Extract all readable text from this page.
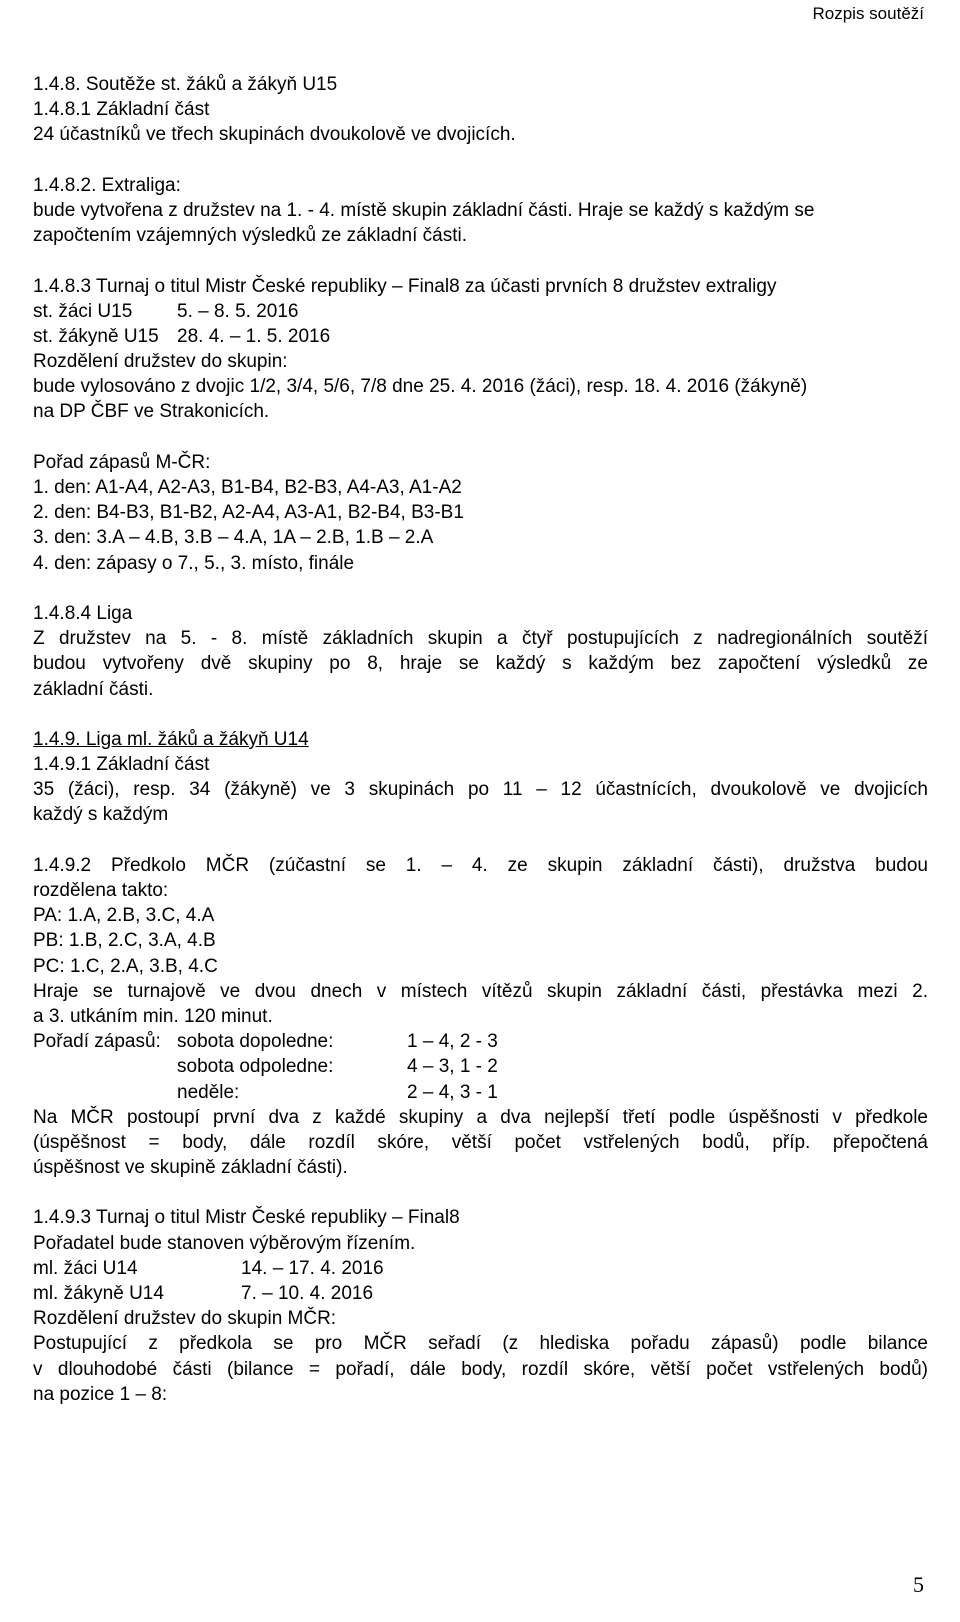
Rozpis soutěží
1.4.8. Soutěže st. žáků a žákyň U15
1.4.8.1 Základní část
24 účastníků ve třech skupinách dvoukolově ve dvojicích.
1.4.8.2. Extraliga:
bude vytvořena z družstev na 1. - 4. místě skupin základní části. Hraje se každý s každým se
započtením vzájemných výsledků ze základní části.
1.4.8.3 Turnaj o titul Mistr České republiky – Final8 za účasti prvních 8 družstev extraligy
st. žáci U15 5. – 8. 5. 2016
st. žákyně U15 28. 4. – 1. 5. 2016
Rozdělení družstev do skupin:
bude vylosováno z dvojic 1/2, 3/4, 5/6, 7/8 dne 25. 4. 2016 (žáci), resp. 18. 4. 2016 (žákyně)
na DP ČBF ve Strakonicích.
Pořad zápasů M-ČR:
1. den: A1-A4, A2-A3, B1-B4, B2-B3, A4-A3, A1-A2
2. den: B4-B3, B1-B2, A2-A4, A3-A1, B2-B4, B3-B1
3. den: 3.A – 4.B, 3.B – 4.A, 1A – 2.B, 1.B – 2.A
4. den: zápasy o 7., 5., 3. místo, finále
1.4.8.4 Liga
Z družstev na 5. - 8. místě základních skupin a čtyř postupujících z nadregionálních soutěží
budou vytvořeny dvě skupiny po 8, hraje se každý s každým bez započtení výsledků ze
základní části.
1.4.9. Liga ml. žáků a žákyň U14
1.4.9.1 Základní část
35 (žáci), resp. 34 (žákyně) ve 3 skupinách po 11 – 12 účastnících, dvoukolově ve dvojicích
každý s každým
1.4.9.2 Předkolo MČR (zúčastní se 1. – 4. ze skupin základní části), družstva budou
rozdělena takto:
PA: 1.A, 2.B, 3.C, 4.A
PB: 1.B, 2.C, 3.A, 4.B
PC: 1.C, 2.A, 3.B, 4.C
Hraje se turnajově ve dvou dnech v místech vítězů skupin základní části, přestávka mezi 2.
a 3. utkáním min. 120 minut.
Pořadí zápasů: sobota dopoledne:	1 – 4, 2 - 3
sobota odpoledne:	4 – 3, 1 - 2
neděle:	2 – 4, 3 - 1
Na MČR postoupí první dva z každé skupiny a dva nejlepší třetí podle úspěšnosti v předkole
(úspěšnost = body, dále rozdíl skóre, větší počet vstřelených bodů, příp. přepočtená
úspěšnost ve skupině základní části).
1.4.9.3 Turnaj o titul Mistr České republiky – Final8
Pořadatel bude stanoven výběrovým řízením.
ml. žáci U14	14. – 17. 4. 2016
ml. žákyně U14	7. – 10. 4. 2016
Rozdělení družstev do skupin MČR:
Postupující z předkola se pro MČR seřadí (z hlediska pořadu zápasů) podle bilance
v dlouhodobé části (bilance = pořadí, dále body, rozdíl skóre, větší počet vstřelených bodů)
na pozice 1 – 8:
5
